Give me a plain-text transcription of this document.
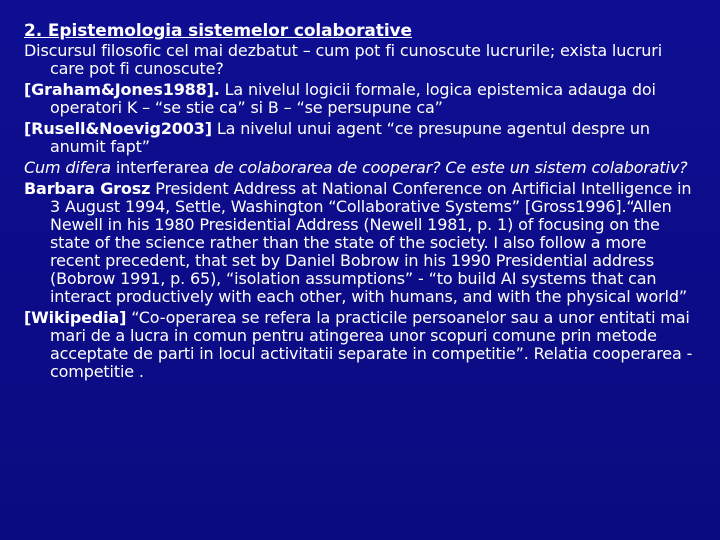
2. Epistemologia sistemelor colaborative
Discursul filosofic cel mai dezbatut – cum pot fi cunoscute lucrurile; exista lucruri care pot fi cunoscute?
[Graham&Jones1988]. La nivelul logicii formale, logica epistemica adauga doi operatori K – “se stie ca” si B – “se persupune ca”
[Rusell&Noevig2003] La nivelul unui agent “ce presupune agentul despre un anumit fapt”
Cum difera interferarea de colaborarea de cooperar? Ce este un sistem colaborativ?
Barbara Grosz President Address at National Conference on Artificial Intelligence in 3 August 1994, Settle, Washington “Collaborative Systems” [Gross1996].“Allen Newell in his 1980 Presidential Address (Newell 1981, p. 1) of focusing on the state of the science rather than the state of the society. I also follow a more recent precedent, that set by Daniel Bobrow in his 1990 Presidential address (Bobrow 1991, p. 65), “isolation assumptions” - “to build AI systems that can interact productively with each other, with humans, and with the physical world”
[Wikipedia] “Co-operarea se refera la practicile persoanelor sau a unor entitati mai mari de a lucra in comun pentru atingerea unor scopuri comune prin metode acceptate de parti in locul activitatii separate in competitie”. Relatia cooperarea - competitie .
